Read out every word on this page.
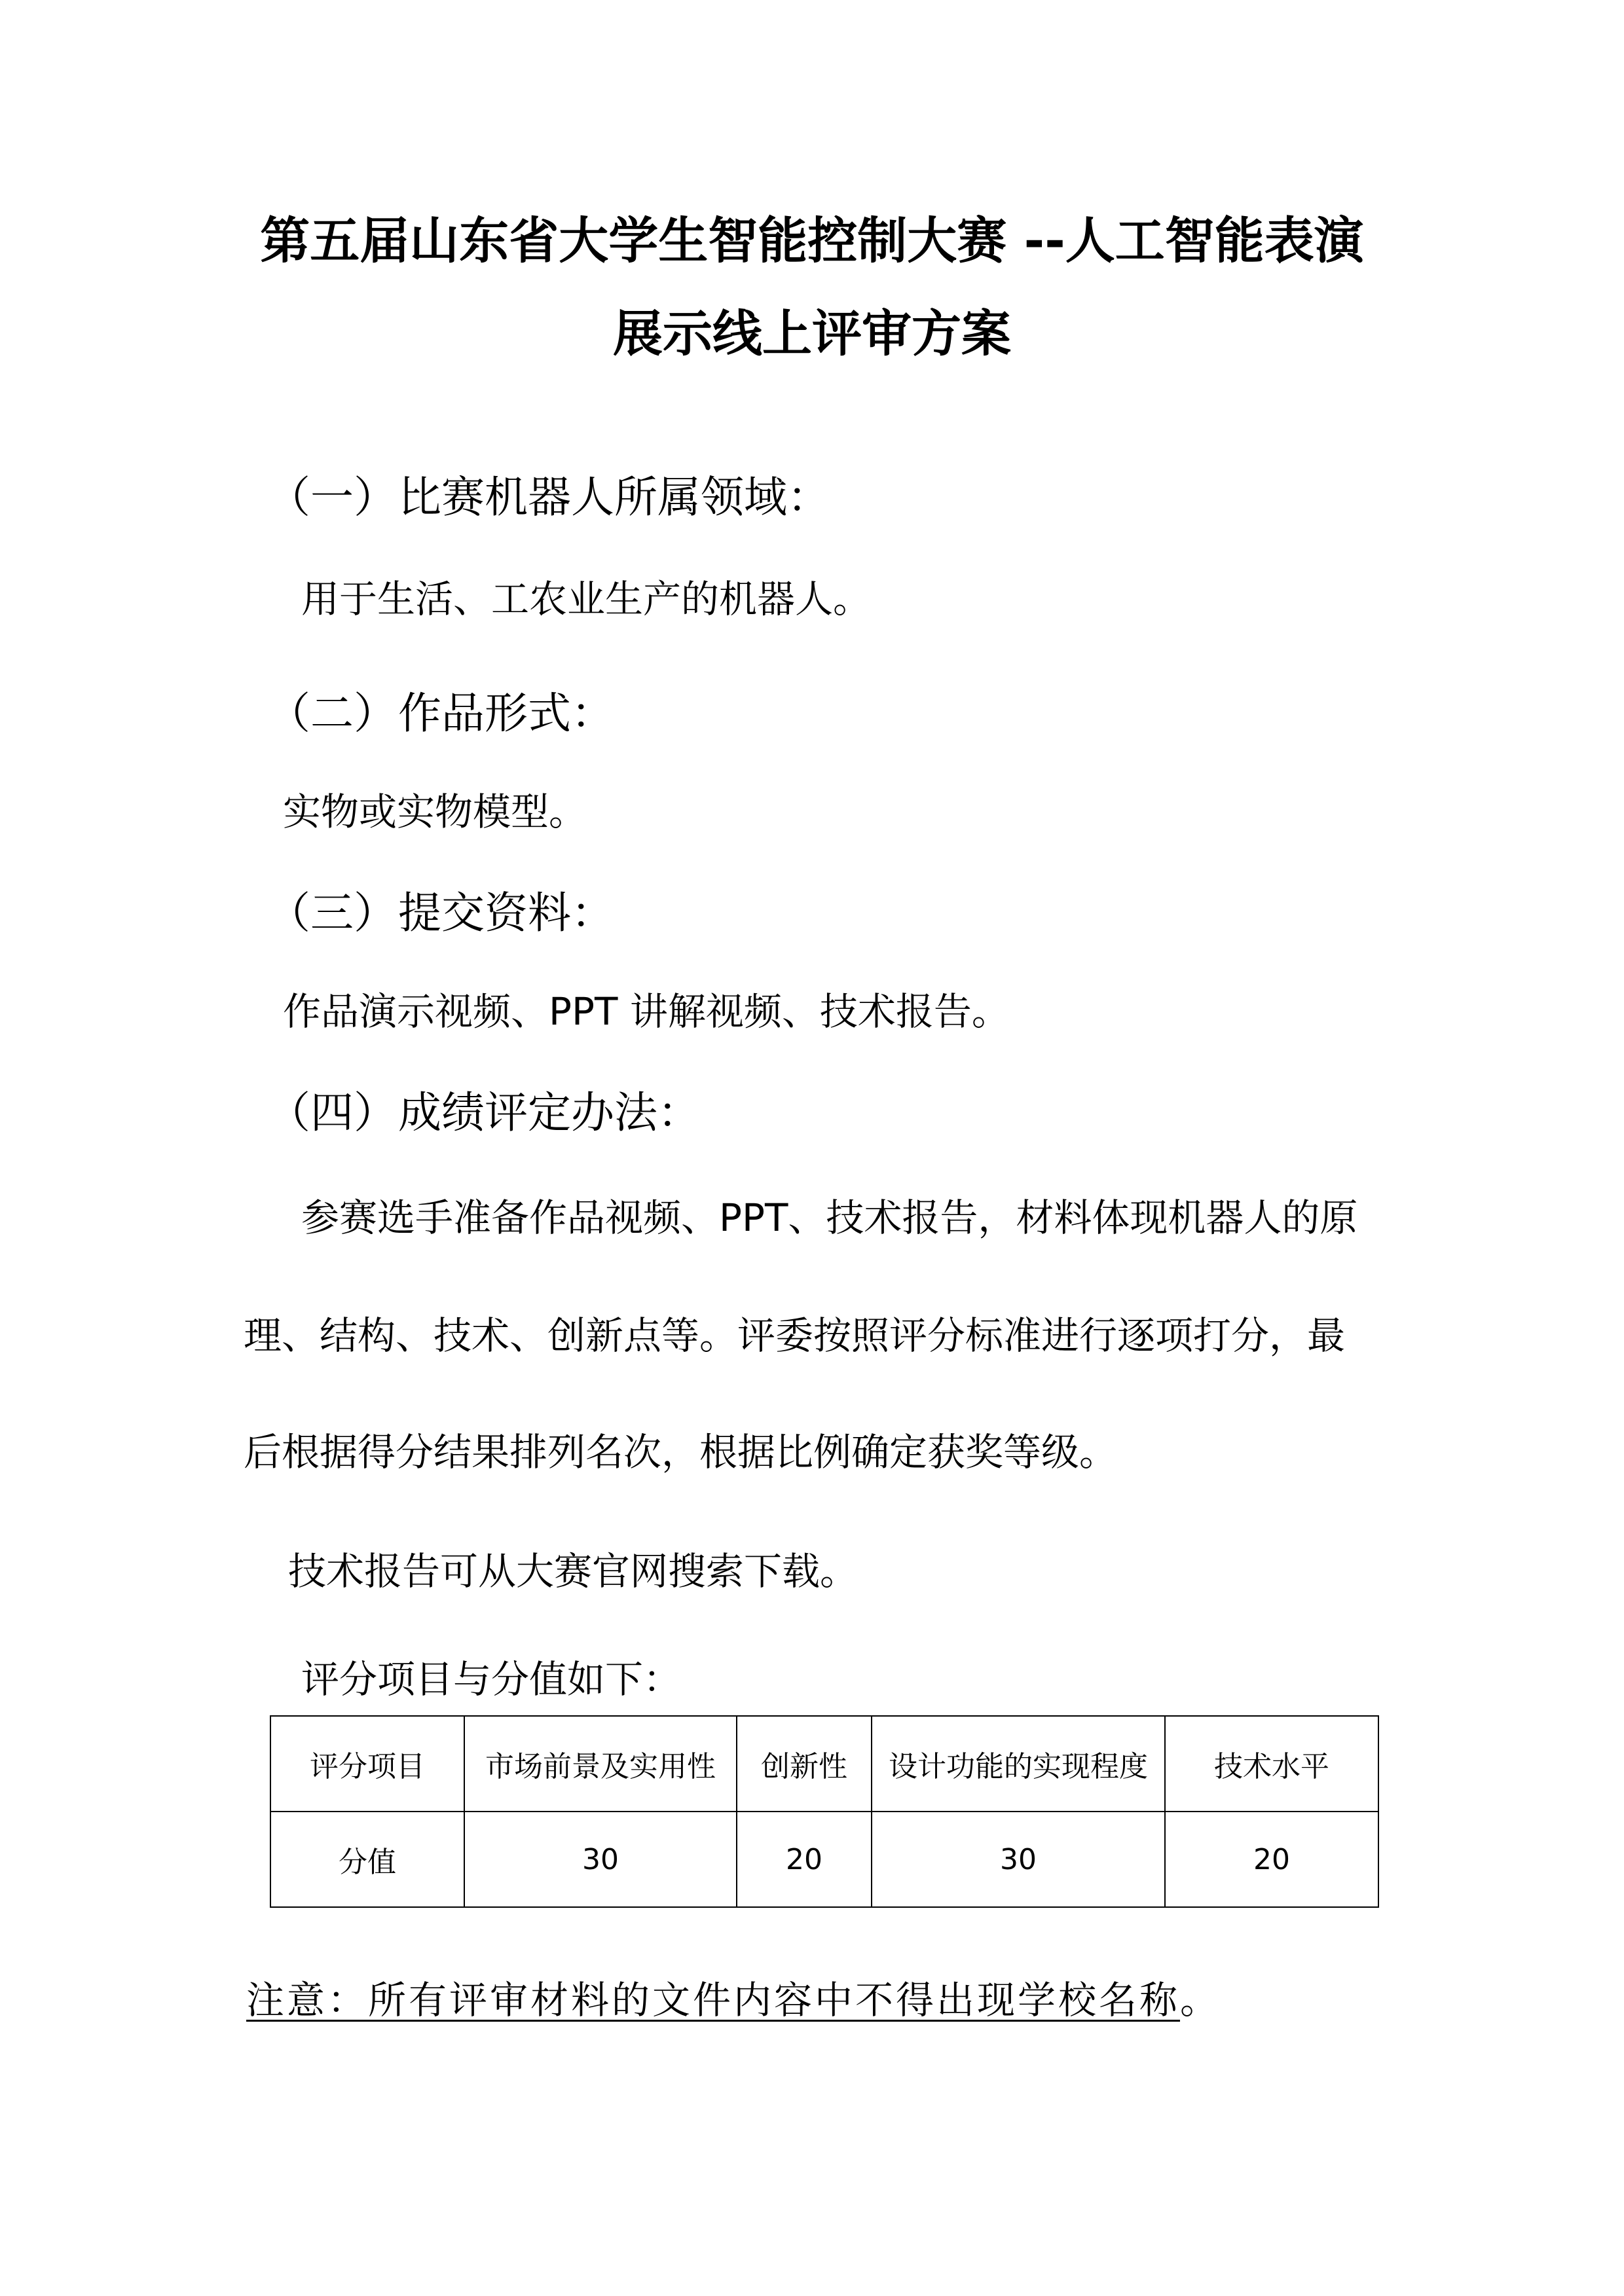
第五届山东省大学生智能控制大赛 --人工智能表演
展示线上评审方案
（一）比赛机器人所属领域：
用于生活、工农业生产的机器人。
（二）作品形式：
实物或实物模型。
（三）提交资料：
作品演示视频、PPT 讲解视频、技术报告。
（四）成绩评定办法：
参赛选手准备作品视频、PPT、技术报告，材料体现机器人的原
理、结构、技术、创新点等。评委按照评分标准进行逐项打分，最
后根据得分结果排列名次，根据比例确定获奖等级。
技术报告可从大赛官网搜索下载。
评分项目与分值如下：
评分项目	市场前景及实用性	创新性	设计功能的实现程度	技术水平
分值	30	20	30	20
注意：所有评审材料的文件内容中不得出现学校名称。
